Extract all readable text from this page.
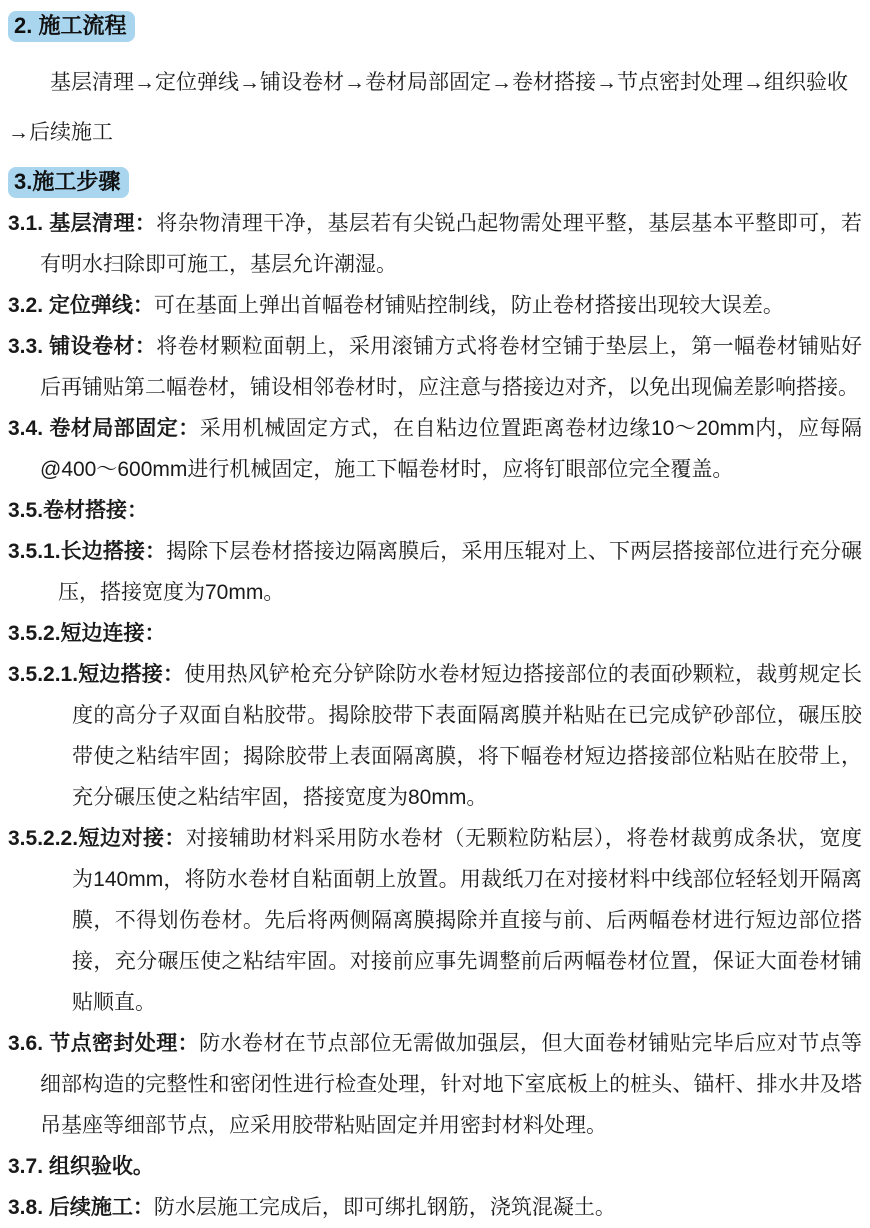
2. 施工流程

基层清理→定位弹线→铺设卷材→卷材局部固定→卷材搭接→节点密封处理→组织验收→后续施工

3.施工步骤

3.1. 基层清理：将杂物清理干净，基层若有尖锐凸起物需处理平整，基层基本平整即可，若有明水扫除即可施工，基层允许潮湿。

3.2. 定位弹线：可在基面上弹出首幅卷材铺贴控制线，防止卷材搭接出现较大误差。

3.3. 铺设卷材：将卷材颗粒面朝上，采用滚铺方式将卷材空铺于垫层上，第一幅卷材铺贴好后再铺贴第二幅卷材，铺设相邻卷材时，应注意与搭接边对齐，以免出现偏差影响搭接。

3.4. 卷材局部固定：采用机械固定方式，在自粘边位置距离卷材边缘10～20mm内，应每隔@400～600mm进行机械固定，施工下幅卷材时，应将钉眼部位完全覆盖。

3.5.卷材搭接：

3.5.1.长边搭接：揭除下层卷材搭接边隔离膜后，采用压辊对上、下两层搭接部位进行充分碾压，搭接宽度为70mm。

3.5.2.短边连接：

3.5.2.1.短边搭接：使用热风铲枪充分铲除防水卷材短边搭接部位的表面砂颗粒，裁剪规定长度的高分子双面自粘胶带。揭除胶带下表面隔离膜并粘贴在已完成铲砂部位，碾压胶带使之粘结牢固；揭除胶带上表面隔离膜，将下幅卷材短边搭接部位粘贴在胶带上，充分碾压使之粘结牢固，搭接宽度为80mm。

3.5.2.2.短边对接：对接辅助材料采用防水卷材（无颗粒防粘层），将卷材裁剪成条状，宽度为140mm，将防水卷材自粘面朝上放置。用裁纸刀在对接材料中线部位轻轻划开隔离膜，不得划伤卷材。先后将两侧隔离膜揭除并直接与前、后两幅卷材进行短边部位搭接，充分碾压使之粘结牢固。对接前应事先调整前后两幅卷材位置，保证大面卷材铺贴顺直。

3.6. 节点密封处理：防水卷材在节点部位无需做加强层，但大面卷材铺贴完毕后应对节点等细部构造的完整性和密闭性进行检查处理，针对地下室底板上的桩头、锚杆、排水井及塔吊基座等细部节点，应采用胶带粘贴固定并用密封材料处理。

3.7. 组织验收。

3.8. 后续施工：防水层施工完成后，即可绑扎钢筋，浇筑混凝土。
